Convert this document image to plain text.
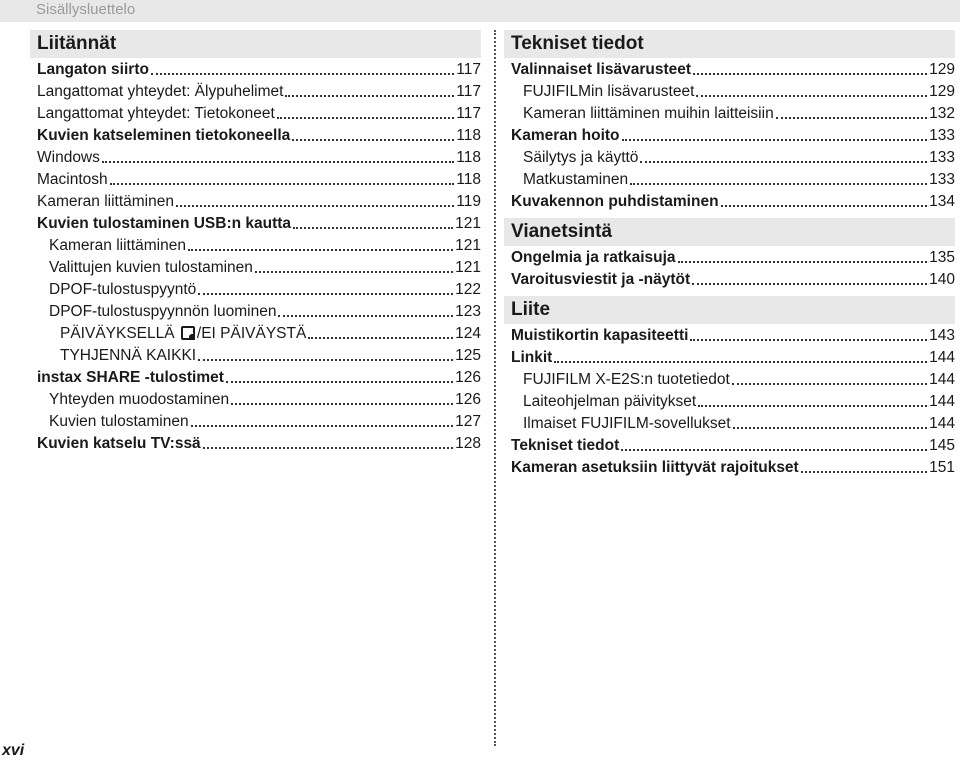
Sisällysluettelo
Liitännät
Langaton siirto	117
Langattomat yhteydet: Älypuhelimet	117
Langattomat yhteydet: Tietokoneet	117
Kuvien katseleminen tietokoneella	118
Windows	118
Macintosh	118
Kameran liittäminen	119
Kuvien tulostaminen USB:n kautta	121
Kameran liittäminen	121
Valittujen kuvien tulostaminen	121
DPOF-tulostuspyyntö	122
DPOF-tulostuspyynnön luominen	123
PÄIVÄYKSELLÄ /EI PÄIVÄYSTÄ	124
TYHJENNÄ KAIKKI	125
instax SHARE -tulostimet	126
Yhteyden muodostaminen	126
Kuvien tulostaminen	127
Kuvien katselu TV:ssä	128
Tekniset tiedot
Valinnaiset lisävarusteet	129
FUJIFILMin lisävarusteet	129
Kameran liittäminen muihin laitteisiin	132
Kameran hoito	133
Säilytys ja käyttö	133
Matkustaminen	133
Kuvakennon puhdistaminen	134
Vianetsintä
Ongelmia ja ratkaisuja	135
Varoitusviestit ja -näytöt	140
Liite
Muistikortin kapasiteetti	143
Linkit	144
FUJIFILM X-E2S:n tuotetiedot	144
Laiteohjelman päivitykset	144
Ilmaiset FUJIFILM-sovellukset	144
Tekniset tiedot	145
Kameran asetuksiin liittyvät rajoitukset	151
xvi
